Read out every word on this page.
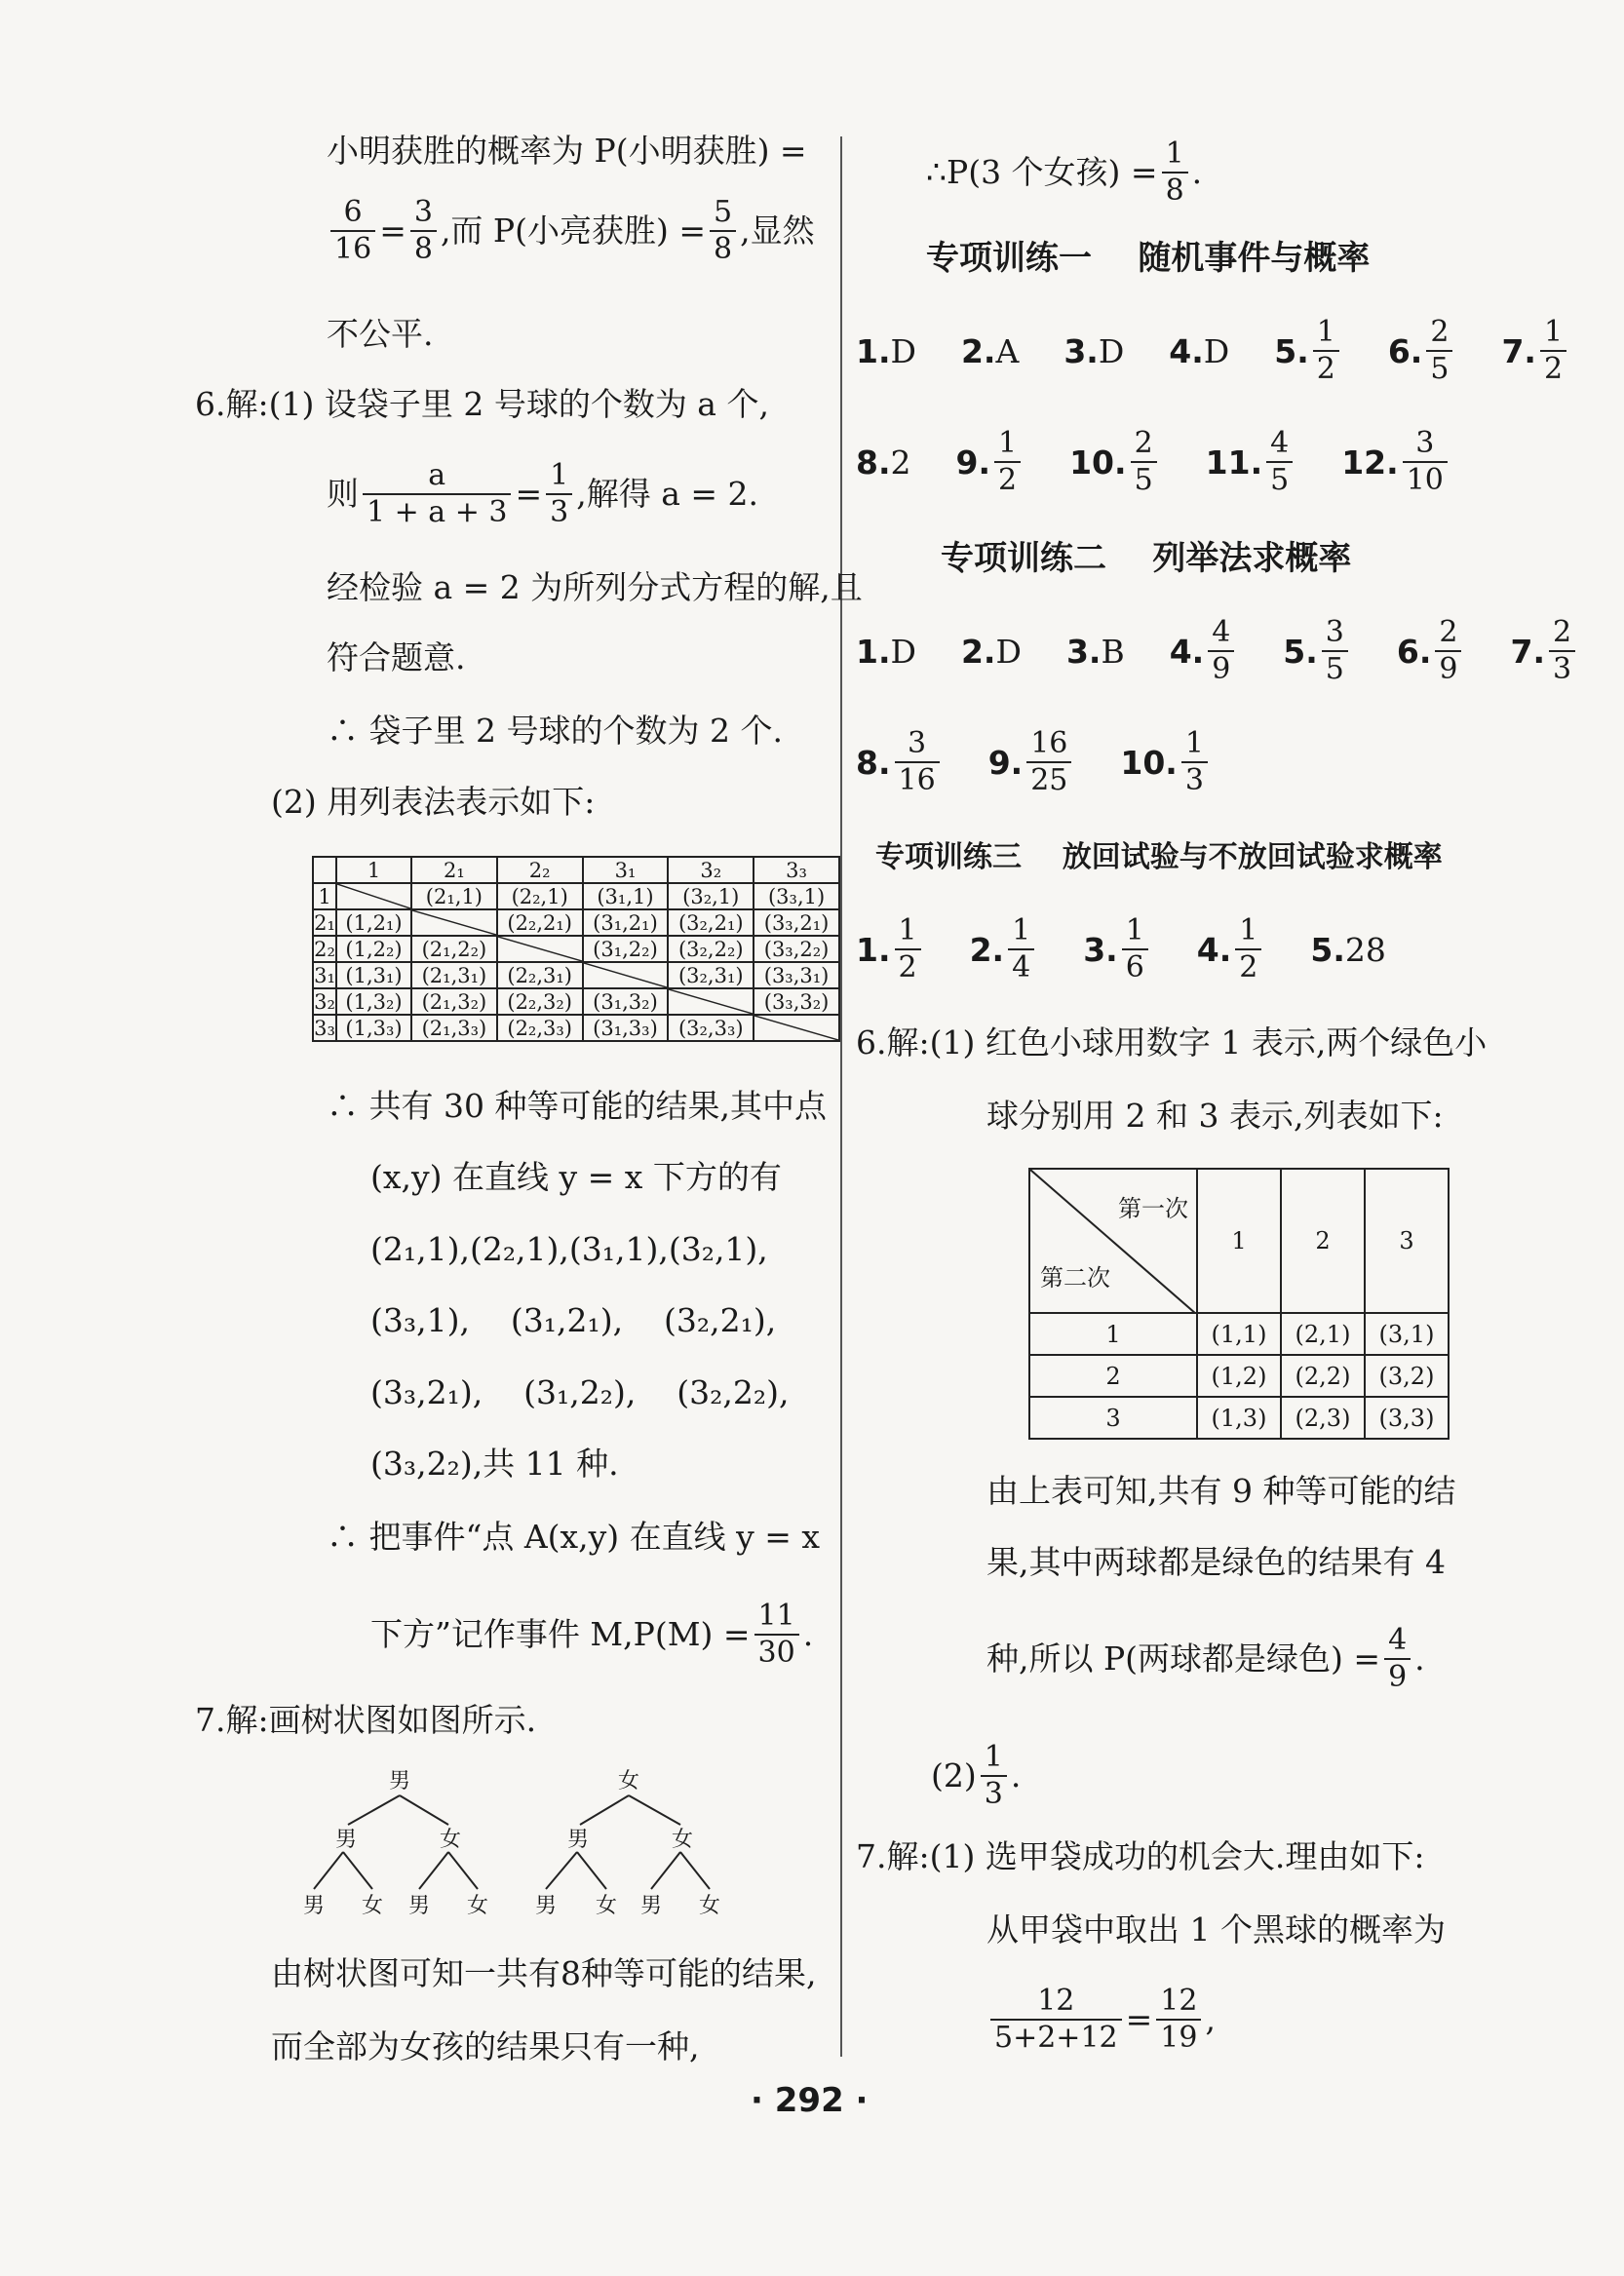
小明获胜的概率为 P(小明获胜) =
$\frac{6}{16} = \frac{3}{8}$ ,而 P(小亮获胜) = $\frac{5}{8}$ ,显然
不公平.
6.解:(1) 设袋子里 2 号球的个数为 a 个,
则 $\frac{a}{1 + a + 3} = \frac{1}{3}$ ,解得 a = 2.
经检验 a = 2 为所列分式方程的解,且
符合题意.
∴ 袋子里 2 号球的个数为 2 个.
(2) 用列表法表示如下:
	1	2₁	2₂	3₁	3₂	3₃
1		(2₁,1)	(2₂,1)	(3₁,1)	(3₂,1)	(3₃,1)
2₁	(1,2₁)		(2₂,2₁)	(3₁,2₁)	(3₂,2₁)	(3₃,2₁)
2₂	(1,2₂)	(2₁,2₂)		(3₁,2₂)	(3₂,2₂)	(3₃,2₂)
3₁	(1,3₁)	(2₁,3₁)	(2₂,3₁)		(3₂,3₁)	(3₃,3₁)
3₂	(1,3₂)	(2₁,3₂)	(2₂,3₂)	(3₁,3₂)		(3₃,3₂)
3₃	(1,3₃)	(2₁,3₃)	(2₂,3₃)	(3₁,3₃)	(3₂,3₃)	
∴ 共有 30 种等可能的结果,其中点
(x,y) 在直线 y = x 下方的有
(2₁,1),(2₂,1),(3₁,1),(3₂,1),
(3₃,1),    (3₁,2₁),    (3₂,2₁),
(3₃,2₁),    (3₁,2₂),    (3₂,2₂),
(3₃,2₂),共 11 种.
∴ 把事件“点 A(x,y) 在直线 y = x
下方”记作事件 $M,P(M) = \frac{11}{30}$ .
7.解:画树状图如图所示.
男	女
男	女	男	女
男 女 男 女 男 女 男 女
由树状图可知一共有8种等可能的结果,
而全部为女孩的结果只有一种,
∴P(3 个女孩) = $\frac{1}{8}$ .
专项训练一    随机事件与概率
1. D 2. A 3. D 4. D 5. $\frac{1}{2} 6$. $\frac{2}{5} 7$. $\frac{1}{2}$
8. 2 9. $\frac{1}{2} 10$. $\frac{2}{5} 11$. $\frac{4}{5} 12$. $\frac{3}{10}$
专项训练二    列举法求概率
1. D 2. D 3. B 4. $\frac{4}{9} 5$. $\frac{3}{5} 6$. $\frac{2}{9} 7$. $\frac{2}{3}$
8. $\frac{3}{16} 9$. $\frac{16}{25} 10$. $\frac{1}{3}$
专项训练三    放回试验与不放回试验求概率
1. $\frac{1}{2} 2$. $\frac{1}{4} 3$. $\frac{1}{6} 4$. $\frac{1}{2} 5$. 28
6.解:(1) 红色小球用数字 1 表示,两个绿色小
球分别用 2 和 3 表示,列表如下:
第一次
第二次	1	2	3
1	(1,1)	(2,1)	(3,1)
2	(1,2)	(2,2)	(3,2)
3	(1,3)	(2,3)	(3,3)
由上表可知,共有 9 种等可能的结
果,其中两球都是绿色的结果有 4
种,所以 P(两球都是绿色) = $\frac{4}{9}$ .
$(2) \frac{1}{3}$ .
7.解:(1) 选甲袋成功的机会大.理由如下:
从甲袋中取出 1 个黑球的概率为
$\frac{12}{5+2+12} = \frac{12}{19}$ ,
· 292 ·
